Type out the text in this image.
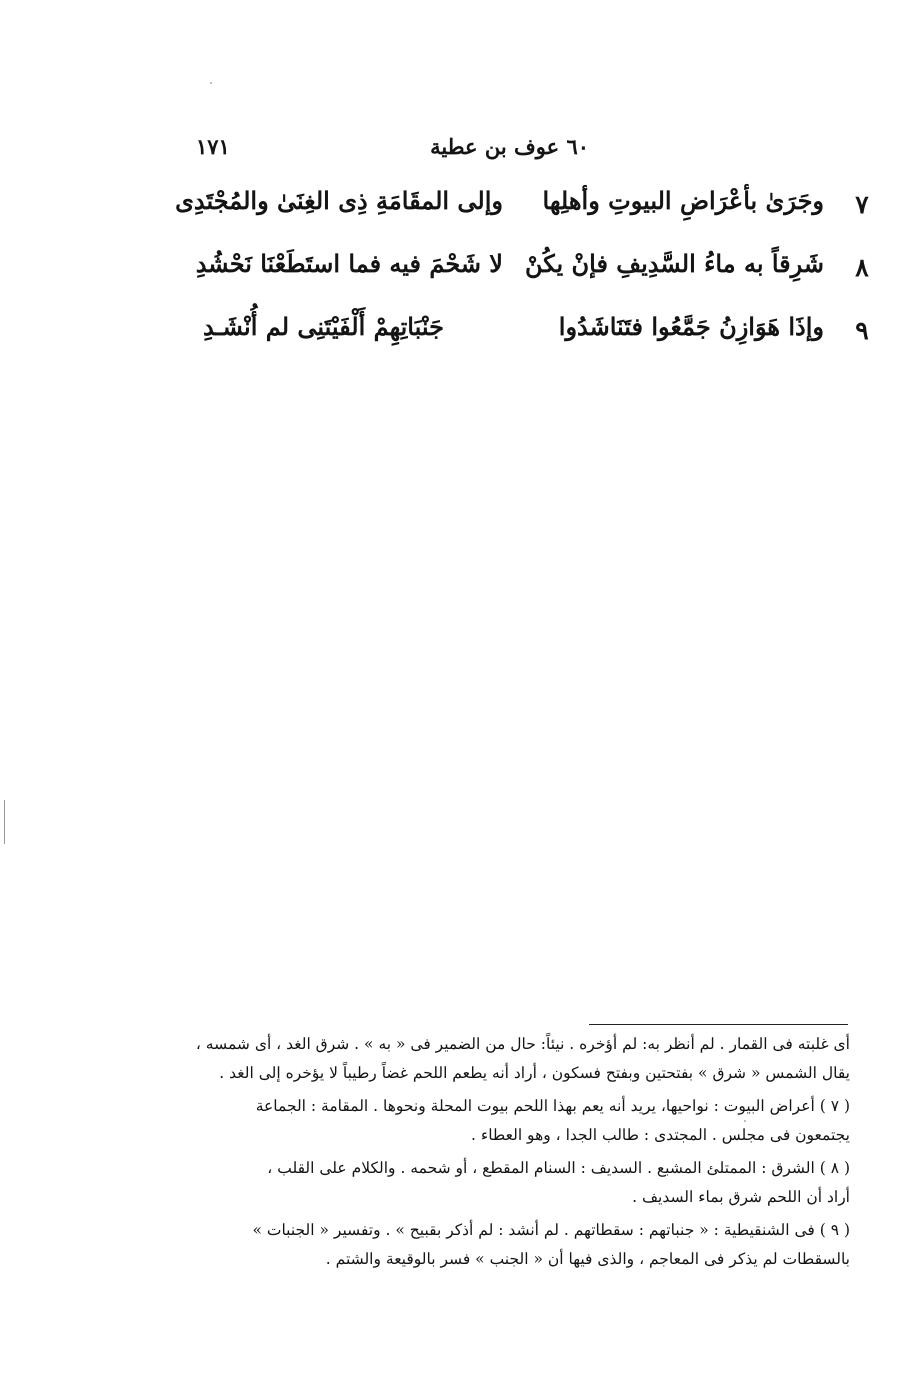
٦٠ عوف بن عطية
١٧١
٧
وجَرَىٰ بأعْرَاضِ البيوتِ وأهلِها
وإلى المقَامَةِ ذِى الغِنَىٰ والمُجْتَدِى
٨
شَرِقاً به ماءُ السَّدِيفِ فإنْ يكُنْ
لا شَحْمَ فيه فما استَطَعْنَا نَحْشُدِ
٩
وإذَا هَوَازِنُ جَمَّعُوا فتَنَاشَدُوا
جَنْبَاتِهِمْ أَلْفَيْتَنِى لم أُنْشَـدِ
أى غلبته فى القمار . لم أنظر به: لم أؤخره . نيئاً: حال من الضمير فى « به » . شرق الغد ، أى شمسه ،
يقال الشمس « شرق » بفتحتين وبفتح فسكون ، أراد أنه يطعم اللحم غضاً رطيباً لا يؤخره إلى الغد .
( ٧ ) أعراض البيوت : نواحيها، يريد أنه يعم بهذا اللحم بيوت المحلة ونحوها . المقامة : الجماعة
يجتمعون فى مجلس . المجتدى : طالب الجدا ، وهو العطاء .
( ٨ ) الشرق : الممتلئ المشبع . السديف : السنام المقطع ، أو شحمه . والكلام على القلب ،
أراد أن اللحم شرق بماء السديف .
( ٩ ) فى الشنقيطية : « جنباتهم : سقطاتهم . لم أنشد : لم أذكر بقبيح » . وتفسير « الجنبات »
بالسقطات لم يذكر فى المعاجم ، والذى فيها أن « الجنب » فسر بالوقيعة والشتم .
